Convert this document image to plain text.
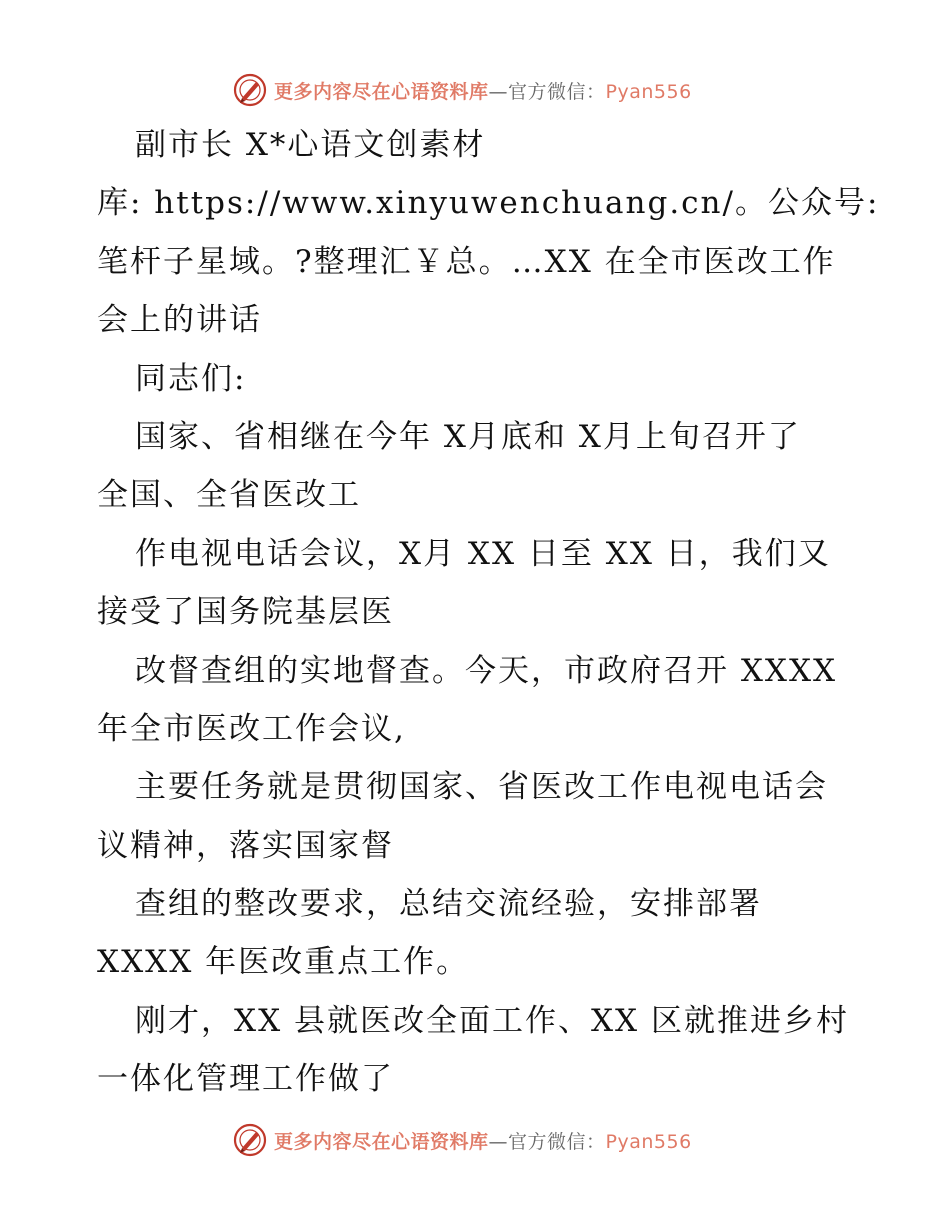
更多内容尽在心语资料库—官方微信：Pyan556
副市长 X*心语文创素材
库: https://www.xinyuwenchuang.cn/。公众号:
笔杆子星域。?整理汇￥总。…XX 在全市医改工作
会上的讲话
同志们:
国家、省相继在今年 X月底和 X月上旬召开了
全国、全省医改工
作电视电话会议，X月 XX 日至 XX 日，我们又
接受了国务院基层医
改督查组的实地督查。今天，市政府召开 XXXX
年全市医改工作会议,
主要任务就是贯彻国家、省医改工作电视电话会
议精神，落实国家督
查组的整改要求，总结交流经验，安排部署
XXXX 年医改重点工作。
刚才，XX 县就医改全面工作、XX 区就推进乡村
一体化管理工作做了
更多内容尽在心语资料库—官方微信：Pyan556
